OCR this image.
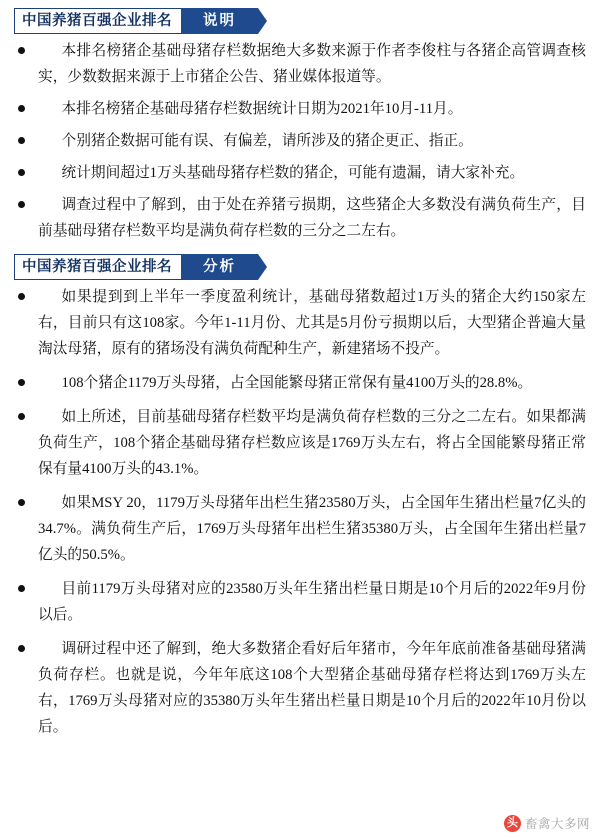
中国养猪百强企业排名	说明
本排名榜猪企基础母猪存栏数据绝大多数来源于作者李俊柱与各猪企高管调查核实，少数数据来源于上市猪企公告、猪业媒体报道等。
本排名榜猪企基础母猪存栏数据统计日期为2021年10月-11月。
个别猪企数据可能有误、有偏差，请所涉及的猪企更正、指正。
统计期间超过1万头基础母猪存栏数的猪企，可能有遗漏，请大家补充。
调查过程中了解到，由于处在养猪亏损期，这些猪企大多数没有满负荷生产，目前基础母猪存栏数平均是满负荷存栏数的三分之二左右。
中国养猪百强企业排名	分析
如果提到到上半年一季度盈利统计，基础母猪数超过1万头的猪企大约150家左右，目前只有这108家。今年1-11月份、尤其是5月份亏损期以后，大型猪企普遍大量淘汰母猪，原有的猪场没有满负荷配种生产，新建猪场不投产。
108个猪企1179万头母猪，占全国能繁母猪正常保有量4100万头的28.8%。
如上所述，目前基础母猪存栏数平均是满负荷存栏数的三分之二左右。如果都满负荷生产，108个猪企基础母猪存栏数应该是1769万头左右，将占全国能繁母猪正常保有量4100万头的43.1%。
如果MSY 20，1179万头母猪年出栏生猪23580万头，占全国年生猪出栏量7亿头的34.7%。满负荷生产后，1769万头母猪年出栏生猪35380万头，占全国年生猪出栏量7亿头的50.5%。
目前1179万头母猪对应的23580万头年生猪出栏量日期是10个月后的2022年9月份以后。
调研过程中还了解到，绝大多数猪企看好后年猪市，今年年底前准备基础母猪满负荷存栏。也就是说，今年年底这108个大型猪企基础母猪存栏将达到1769万头左右，1769万头母猪对应的35380万头年生猪出栏量日期是10个月后的2022年10月份以后。
头 畜禽大多网
